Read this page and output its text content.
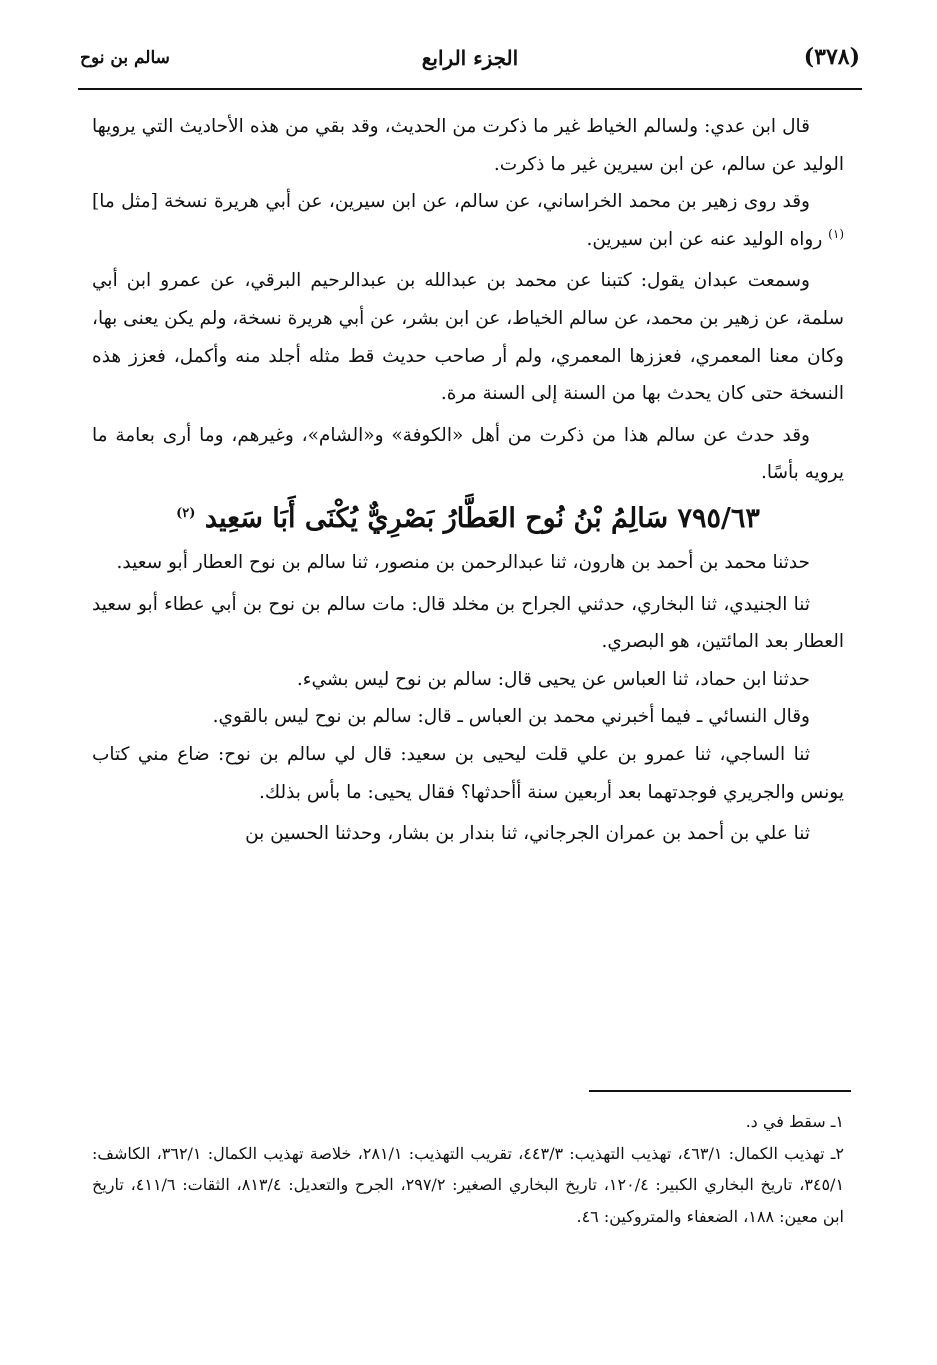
(٣٧٨)
الجزء الرابع
سالم بن نوح

قال ابن عدي: ولسالم الخياط غير ما ذكرت من الحديث، وقد بقي من هذه الأحاديث التي يرويها الوليد عن سالم، عن ابن سيرين غير ما ذكرت.

وقد روى زهير بن محمد الخراساني، عن سالم، عن ابن سيرين، عن أبي هريرة نسخة [مثل ما]$^{(١)}$ رواه الوليد عنه عن ابن سيرين.

وسمعت عبدان يقول: كتبنا عن محمد بن عبدالله بن عبدالرحيم البرقي، عن عمرو ابن أبي سلمة، عن زهير بن محمد، عن سالم الخياط، عن ابن بشر، عن أبي هريرة نسخة، ولم يكن يعنى بها، وكان معنا المعمري، فعززها المعمري، ولم أر صاحب حديث قط مثله أجلد منه وأكمل، فعزز هذه النسخة حتى كان يحدث بها من السنة إلى السنة مرة.

وقد حدث عن سالم هذا من ذكرت من أهل «الكوفة» و«الشام»، وغيرهم، وما أرى بعامة ما يرويه بأسًا.

٧٩٥/٦٣ سَالِمُ بْنُ نُوح العَطَّارُ بَصْرِيٌّ يُكْنَى أَبَا سَعِيد $^{(٢)}$

حدثنا محمد بن أحمد بن هارون، ثنا عبدالرحمن بن منصور، ثنا سالم بن نوح العطار أبو سعيد.

ثنا الجنيدي، ثنا البخاري، حدثني الجراح بن مخلد قال: مات سالم بن نوح بن أبي عطاء أبو سعيد العطار بعد المائتين، هو البصري.

حدثنا ابن حماد، ثنا العباس عن يحيى قال: سالم بن نوح ليس بشيء.

وقال النسائي ـ فيما أخبرني محمد بن العباس ـ قال: سالم بن نوح ليس بالقوي.

ثنا الساجي، ثنا عمرو بن علي قلت ليحيى بن سعيد: قال لي سالم بن نوح: ضاع مني كتاب يونس والجريري فوجدتهما بعد أربعين سنة أأحدثها؟ فقال يحيى: ما بأس بذلك.

ثنا علي بن أحمد بن عمران الجرجاني، ثنا بندار بن بشار، وحدثنا الحسين بن

١ـ سقط في د.

٢ـ تهذيب الكمال: ٤٦٣/١، تهذيب التهذيب: ٤٤٣/٣، تقريب التهذيب: ٢٨١/١، خلاصة تهذيب الكمال: ٣٦٢/١، الكاشف: ٣٤٥/١، تاريخ البخاري الكبير: ١٢٠/٤، تاريخ البخاري الصغير: ٢٩٧/٢، الجرح والتعديل: ٨١٣/٤، الثقات: ٤١١/٦، تاريخ ابن معين: ١٨٨، الضعفاء والمتروكين: ٤٦.
